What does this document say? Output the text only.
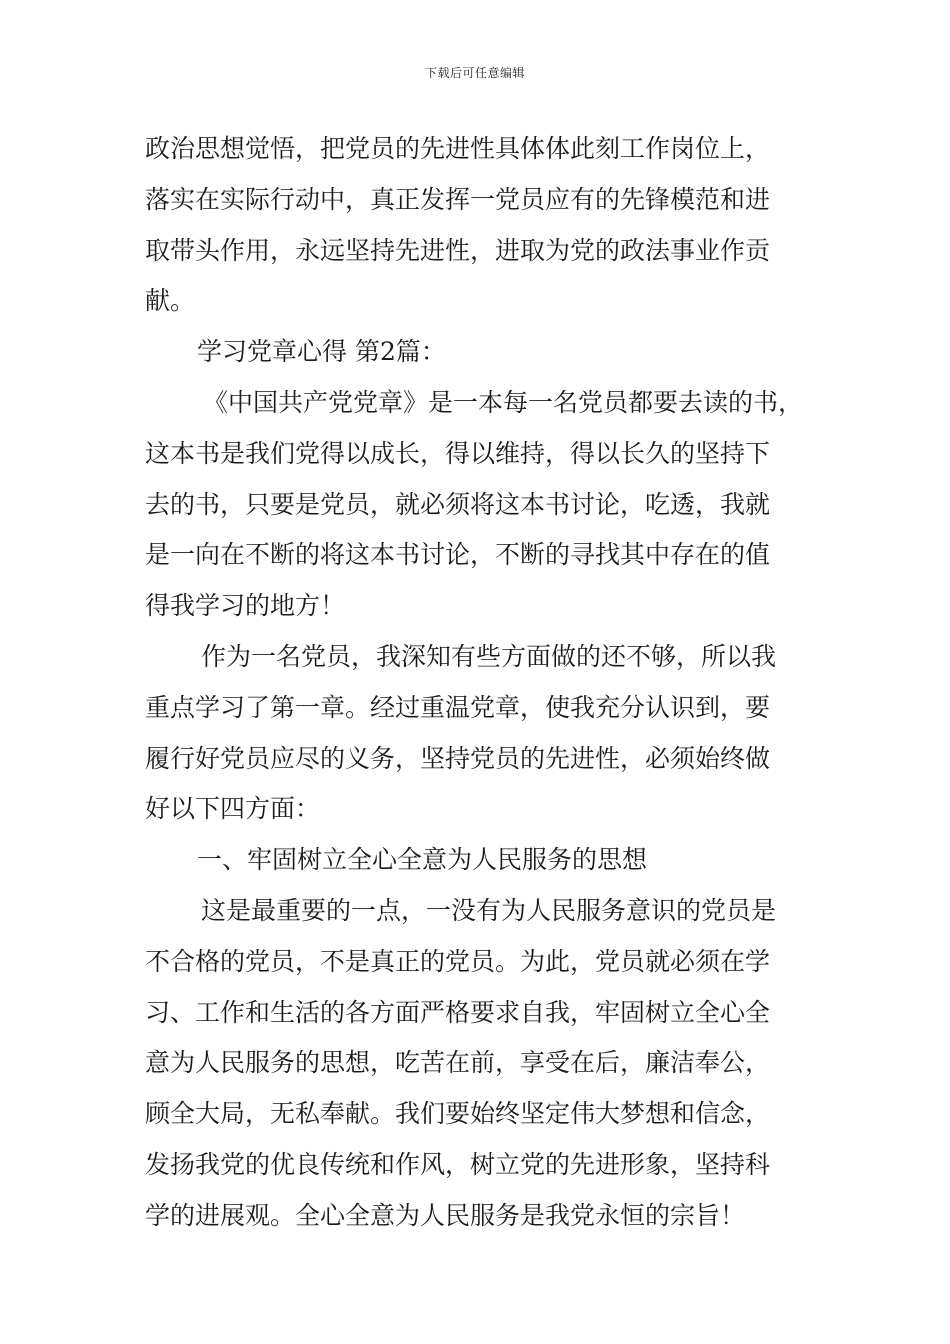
下载后可任意编辑
政治思想觉悟，把党员的先进性具体体此刻工作岗位上，
落实在实际行动中，真正发挥一党员应有的先锋模范和进
取带头作用，永远坚持先进性，进取为党的政法事业作贡
献。
学习党章心得 第2篇：
《中国共产党党章》是一本每一名党员都要去读的书，
这本书是我们党得以成长，得以维持，得以长久的坚持下
去的书，只要是党员，就必须将这本书讨论，吃透，我就
是一向在不断的将这本书讨论，不断的寻找其中存在的值
得我学习的地方！
作为一名党员，我深知有些方面做的还不够，所以我
重点学习了第一章。经过重温党章，使我充分认识到，要
履行好党员应尽的义务，坚持党员的先进性，必须始终做
好以下四方面：
一、牢固树立全心全意为人民服务的思想
这是最重要的一点，一没有为人民服务意识的党员是
不合格的党员，不是真正的党员。为此，党员就必须在学
习、工作和生活的各方面严格要求自我，牢固树立全心全
意为人民服务的思想，吃苦在前，享受在后，廉洁奉公，
顾全大局，无私奉献。我们要始终坚定伟大梦想和信念，
发扬我党的优良传统和作风，树立党的先进形象，坚持科
学的进展观。全心全意为人民服务是我党永恒的宗旨！
